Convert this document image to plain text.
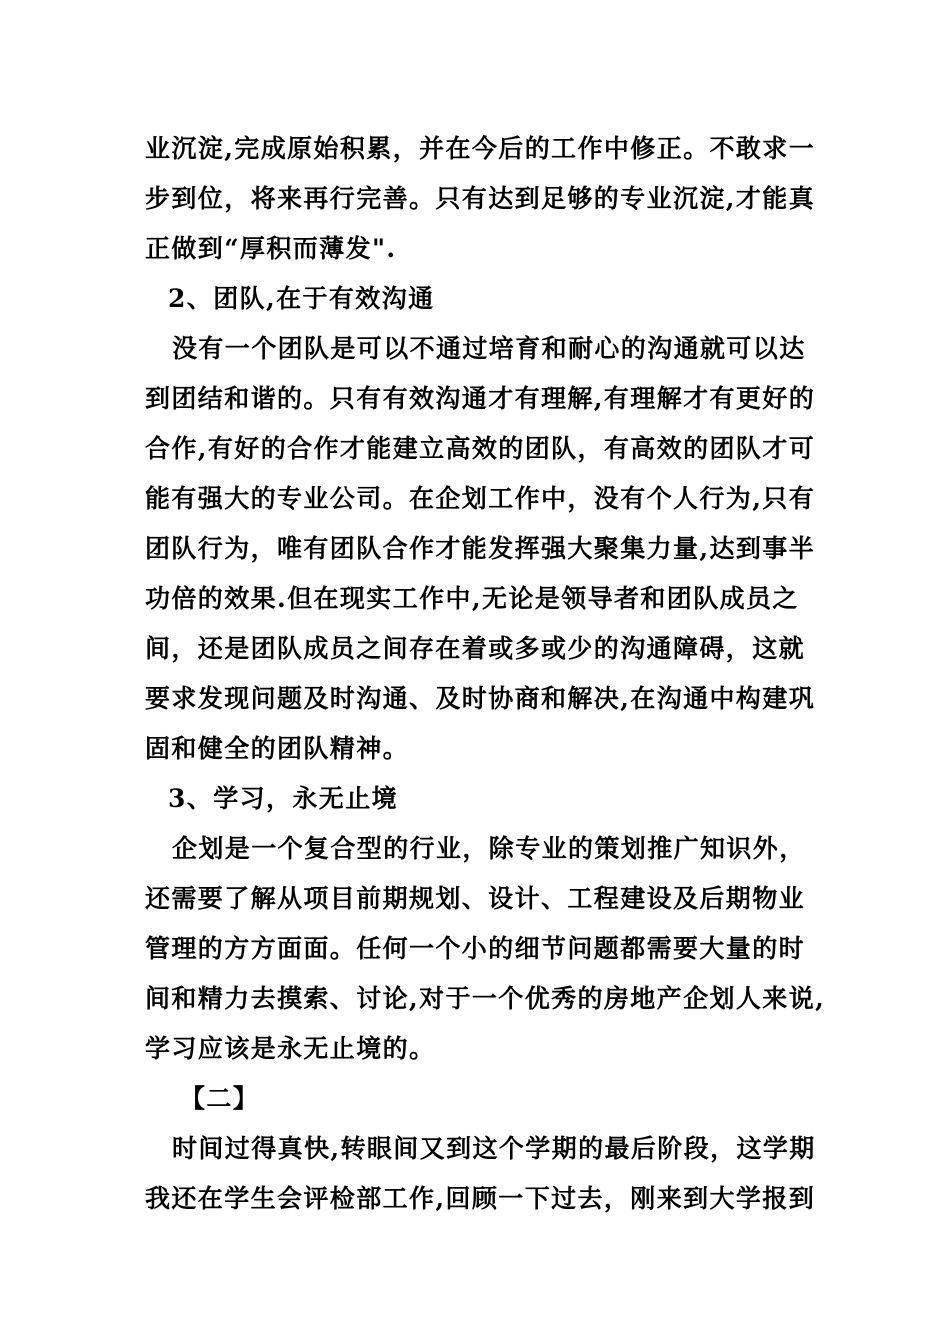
业沉淀,完成原始积累，并在今后的工作中修正。不敢求一
步到位，将来再行完善。只有达到足够的专业沉淀,才能真
正做到“厚积而薄发".
2、团队,在于有效沟通
没有一个团队是可以不通过培育和耐心的沟通就可以达
到团结和谐的。只有有效沟通才有理解,有理解才有更好的
合作,有好的合作才能建立高效的团队，有高效的团队才可
能有强大的专业公司。在企划工作中，没有个人行为,只有
团队行为，唯有团队合作才能发挥强大聚集力量,达到事半
功倍的效果.但在现实工作中,无论是领导者和团队成员之
间，还是团队成员之间存在着或多或少的沟通障碍，这就
要求发现问题及时沟通、及时协商和解决,在沟通中构建巩
固和健全的团队精神。
3、学习，永无止境
企划是一个复合型的行业，除专业的策划推广知识外，
还需要了解从项目前期规划、设计、工程建设及后期物业
管理的方方面面。任何一个小的细节问题都需要大量的时
间和精力去摸索、讨论,对于一个优秀的房地产企划人来说,
学习应该是永无止境的。
【二】
时间过得真快,转眼间又到这个学期的最后阶段，这学期
我还在学生会评检部工作,回顾一下过去，刚来到大学报到
